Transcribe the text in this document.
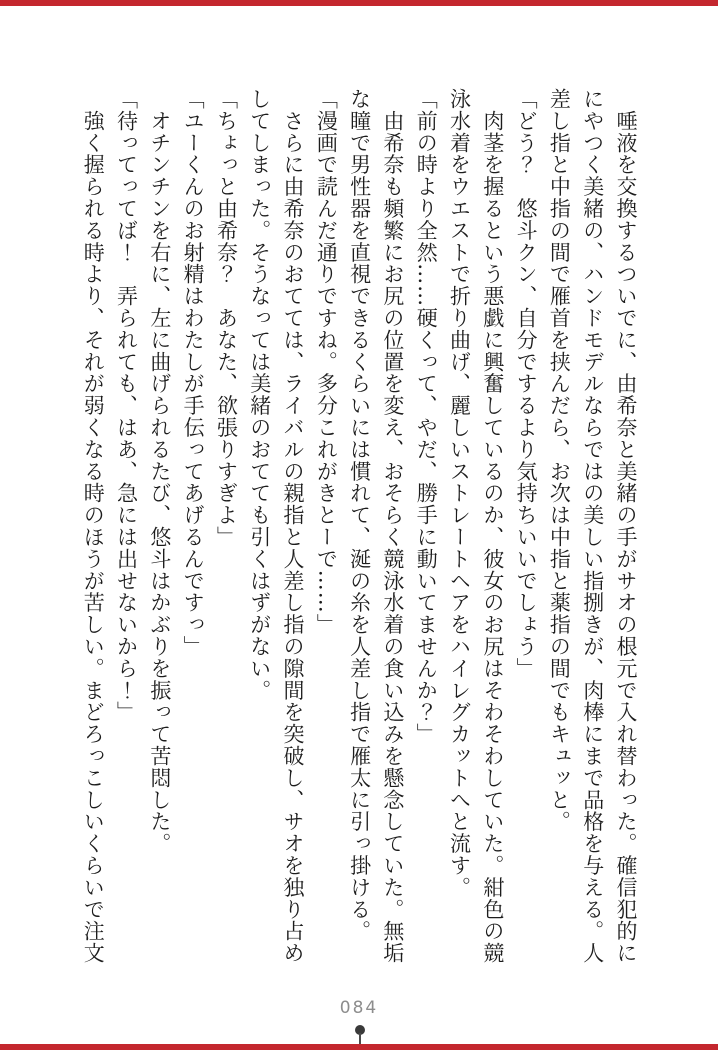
　唾液を交換するついでに、由希奈と美緒の手がサオの根元で入れ替わった。確信犯的に

にやつく美緒の、ハンドモデルならではの美しい指捌きが、肉棒にまで品格を与える。人

差し指と中指の間で雁首を挟んだら、お次は中指と薬指の間でもキュッと。

「どう？　悠斗クン、自分でするより気持ちいいでしょう」

　肉茎を握るという悪戯に興奮しているのか、彼女のお尻はそわそわしていた。紺色の競

泳水着をウエストで折り曲げ、麗しいストレートヘアをハイレグカットへと流す。

「前の時より全然……硬くって、やだ、勝手に動いてませんか？」

　由希奈も頻繁にお尻の位置を変え、おそらく競泳水着の食い込みを懸念していた。無垢

な瞳で男性器を直視できるくらいには慣れて、涎の糸を人差し指で雁太に引っ掛ける。

「漫画で読んだ通りですね。多分これがきとーで……」

　さらに由希奈のおてては、ライバルの親指と人差し指の隙間を突破し、サオを独り占め

してしまった。そうなっては美緒のおてても引くはずがない。

「ちょっと由希奈？　あなた、欲張りすぎよ」

「ユーくんのお射精はわたしが手伝ってあげるんですっ」

　オチンチンを右に、左に曲げられるたび、悠斗はかぶりを振って苦悶した。

「待ってってば！　弄られても、はあ、急には出せないから！」

　強く握られる時より、それが弱くなる時のほうが苦しい。まどろっこしいくらいで注文

084
